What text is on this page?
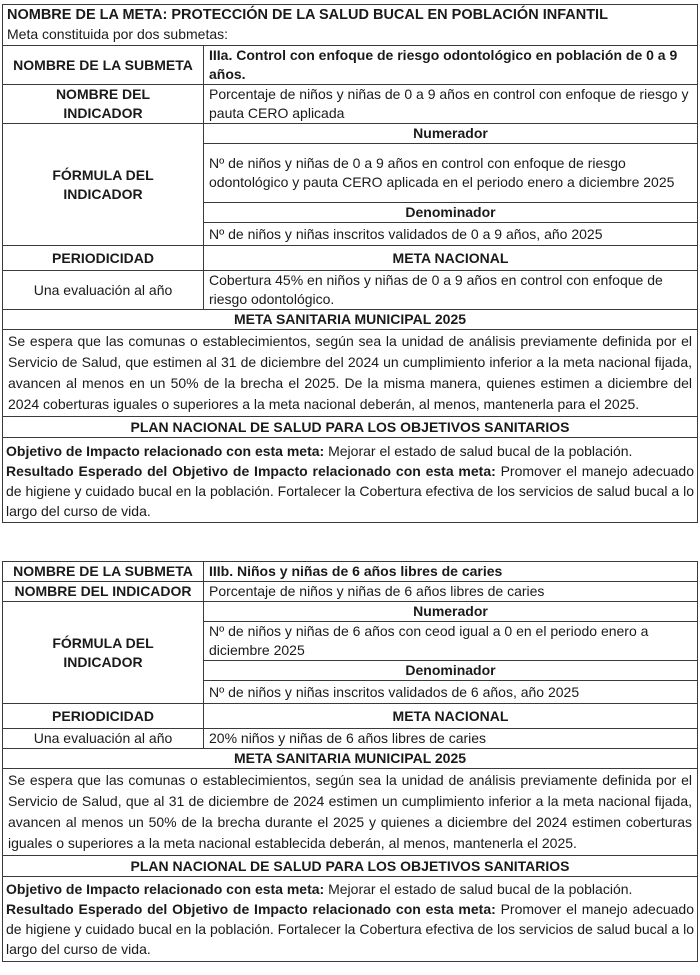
NOMBRE DE LA META: PROTECCIÓN DE LA SALUD BUCAL EN POBLACIÓN INFANTIL
Meta constituida por dos submetas:	

NOMBRE DE LA SUBMETA	IIIa. Control con enfoque de riesgo odontológico en población de 0 a 9 años.
NOMBRE DEL INDICADOR	Porcentaje de niños y niñas de 0 a 9 años en control con enfoque de riesgo y pauta CERO aplicada
FÓRMULA DEL INDICADOR	Numerador
	Nº de niños y niñas de 0 a 9 años en control con enfoque de riesgo odontológico y pauta CERO aplicada en el periodo enero a diciembre 2025
	Denominador
	Nº de niños y niñas inscritos validados de 0 a 9 años, año 2025
PERIODICIDAD	META NACIONAL
Una evaluación al año	Cobertura 45% en niños y niñas de 0 a 9 años en control con enfoque de riesgo odontológico.
META SANITARIA MUNICIPAL 2025	
Se espera que las comunas o establecimientos, según sea la unidad de análisis previamente definida por el Servicio de Salud, que estimen al 31 de diciembre del 2024 un cumplimiento inferior a la meta nacional fijada, avancen al menos en un 50% de la brecha el 2025. De la misma manera, quienes estimen a diciembre del 2024 coberturas iguales o superiores a la meta nacional deberán, al menos, mantenerla para el 2025.	
PLAN NACIONAL DE SALUD PARA LOS OBJETIVOS SANITARIOS	

Objetivo de Impacto relacionado con esta meta: Mejorar el estado de salud bucal de la población.
Resultado Esperado del Objetivo de Impacto relacionado con esta meta: Promover el manejo adecuado de higiene y cuidado bucal en la población. Fortalecer la Cobertura efectiva de los servicios de salud bucal a lo largo del curso de vida.	
NOMBRE DE LA SUBMETA	IIIb. Niños y niñas de 6 años libres de caries
NOMBRE DEL INDICADOR	Porcentaje de niños y niñas de 6 años libres de caries
FÓRMULA DEL INDICADOR	Numerador
	Nº de niños y niñas de 6 años con ceod igual a 0 en el periodo enero a diciembre 2025
	Denominador
	Nº de niños y niñas inscritos validados de 6 años, año 2025
PERIODICIDAD	META NACIONAL
Una evaluación al año	20% niños y niñas de 6 años libres de caries
META SANITARIA MUNICIPAL 2025	
Se espera que las comunas o establecimientos, según sea la unidad de análisis previamente definida por el Servicio de Salud, que al 31 de diciembre de 2024 estimen un cumplimiento inferior a la meta nacional fijada, avancen al menos un 50% de la brecha durante el 2025 y quienes a diciembre del 2024 estimen coberturas iguales o superiores a la meta nacional establecida deberán, al menos, mantenerla el 2025.	
PLAN NACIONAL DE SALUD PARA LOS OBJETIVOS SANITARIOS	

Objetivo de Impacto relacionado con esta meta: Mejorar el estado de salud bucal de la población.
Resultado Esperado del Objetivo de Impacto relacionado con esta meta: Promover el manejo adecuado de higiene y cuidado bucal en la población. Fortalecer la Cobertura efectiva de los servicios de salud bucal a lo largo del curso de vida.	
